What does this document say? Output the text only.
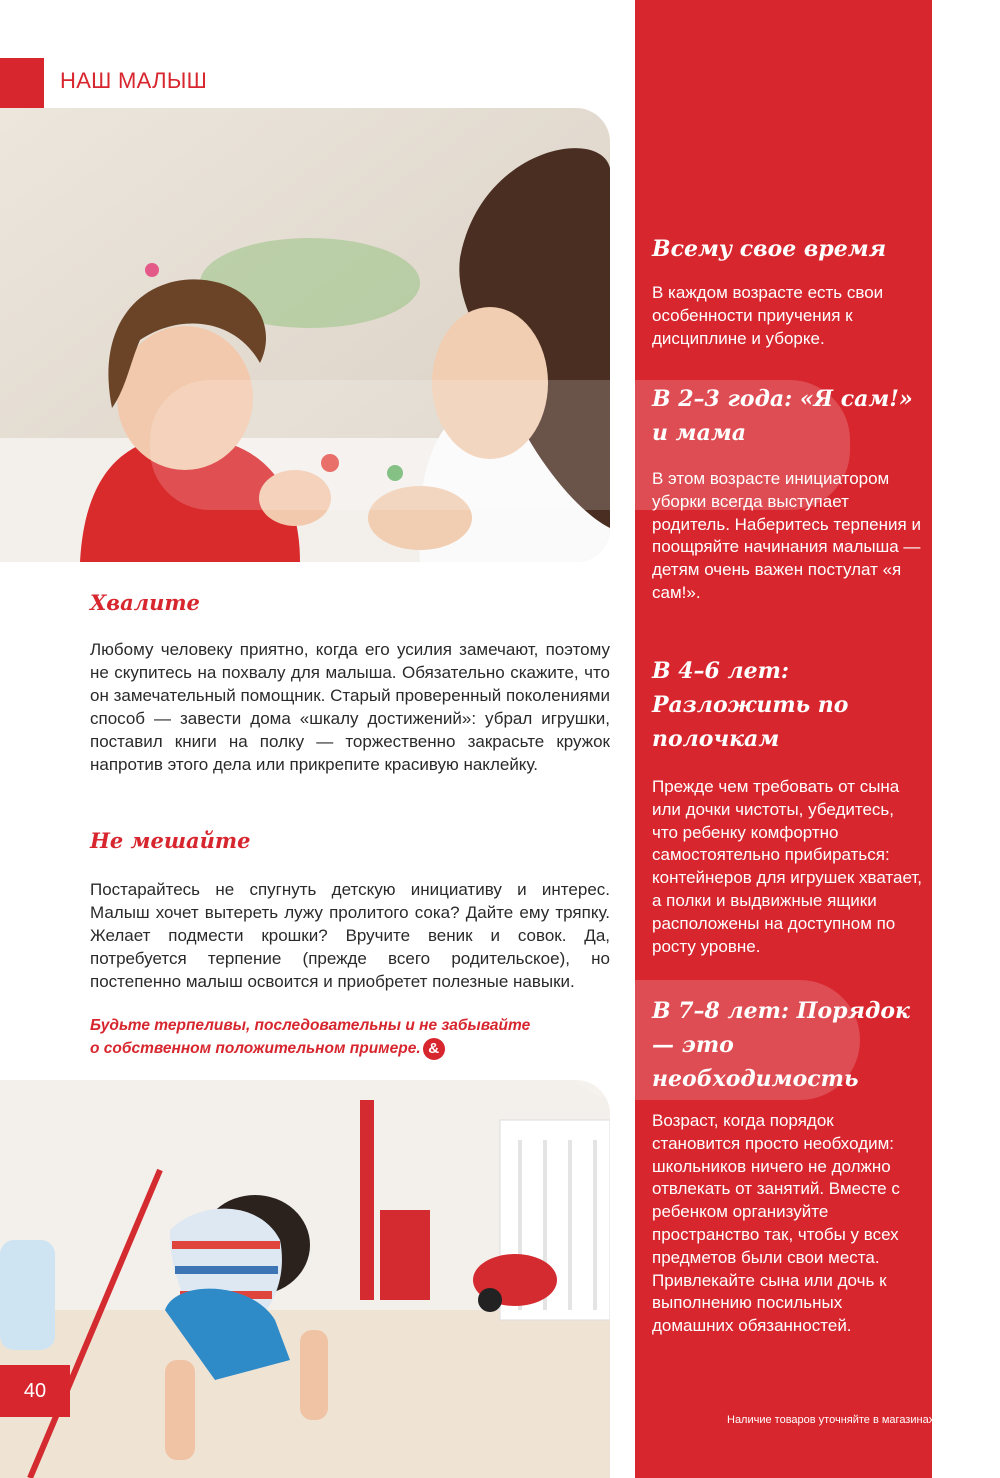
НАШ МАЛЫШ
Хвалите

Любому человеку приятно, когда его усилия замечают, поэтому не скупитесь на похвалу для малыша. Обязательно скажите, что он замечательный помощник. Старый проверенный поколениями способ — завести дома «шкалу достижений»: убрал игрушки, поставил книги на полку — торжественно закрасьте кружок напротив этого дела или прикрепите красивую наклейку.

Не мешайте

Постарайтесь не спугнуть детскую инициативу и интерес. Малыш хочет вытереть лужу пролитого сока? Дайте ему тряпку. Желает подмести крошки? Вручите веник и совок. Да, потребуется терпение (прежде всего родительское), но постепенно малыш освоится и приобретет полезные навыки.

Будьте терпеливы, последовательны и не забывайте
о собственном положительном примере. &

40
Всему свое время

В каждом возрасте есть свои особенности приучения к дисциплине и уборке.

В 2–3 года: «Я сам!» и мама

В этом возрасте инициатором уборки всегда выступает родитель. Наберитесь терпения и поощряйте начинания малыша — детям очень важен постулат «я сам!».

В 4–6 лет: Разложить по полочкам

Прежде чем требовать от сына или дочки чистоты, убедитесь, что ребенку комфортно самостоятельно прибираться: контейнеров для игрушек хватает, а полки и выдвижные ящики расположены на доступном по росту уровне.

В 7–8 лет: Порядок — это необходимость

Возраст, когда порядок становится просто необходим: школьников ничего не должно отвлекать от занятий. Вместе с ребенком организуйте пространство так, чтобы у всех предметов были свои места. Привлекайте сына или дочь к выполнению посильных домашних обязанностей.

Наличие товаров уточняйте в магазинах
